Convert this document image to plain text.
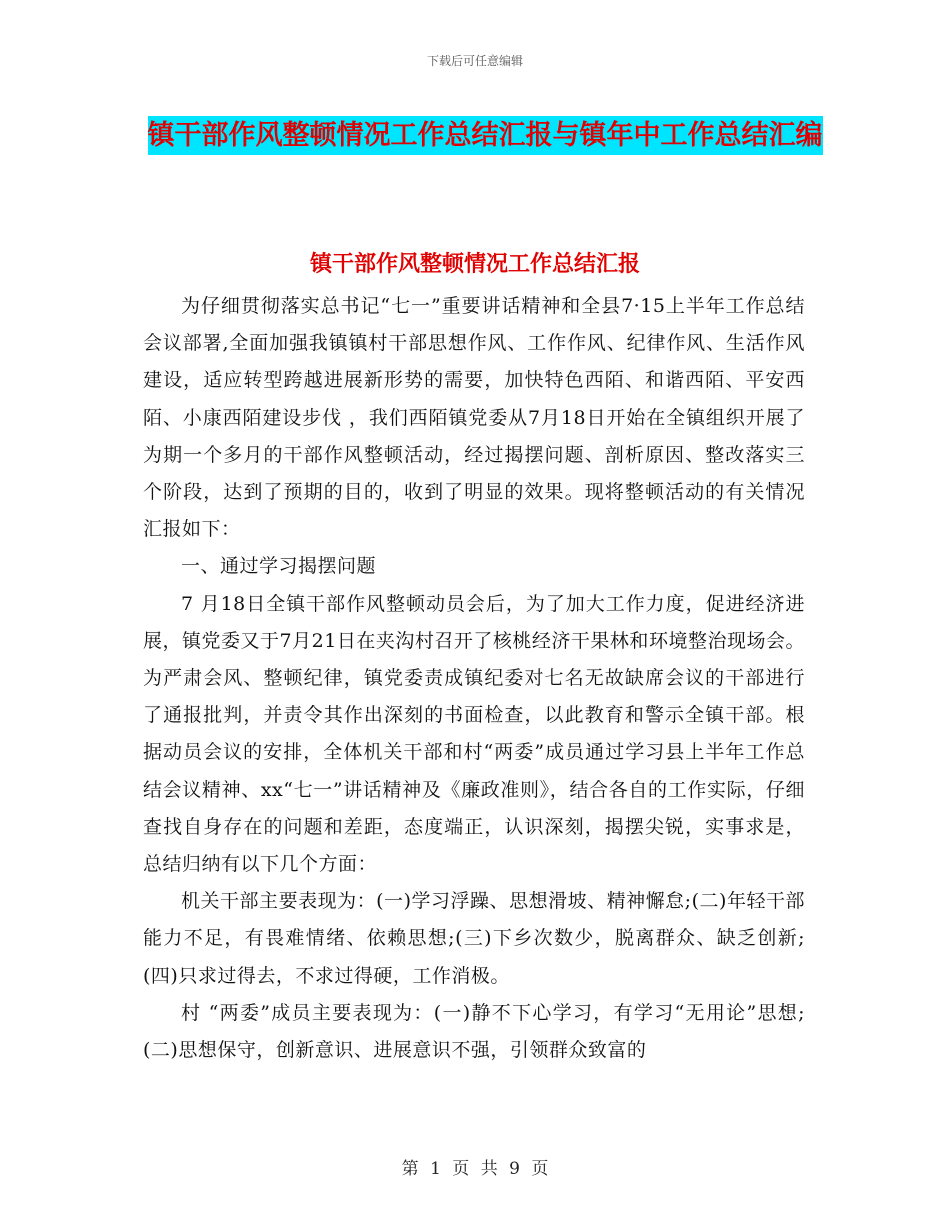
下载后可任意编辑
镇干部作风整顿情况工作总结汇报与镇年中工作总结汇编
镇干部作风整顿情况工作总结汇报

为仔细贯彻落实总书记“七一”重要讲话精神和全县7·15上半年工作总结会议部署,全面加强我镇镇村干部思想作风、工作作风、纪律作风、生活作风建设，适应转型跨越进展新形势的需要，加快特色西陌、和谐西陌、平安西陌、小康西陌建设步伐 ，我们西陌镇党委从7月18日开始在全镇组织开展了为期一个多月的干部作风整顿活动，经过揭摆问题、剖析原因、整改落实三个阶段，达到了预期的目的，收到了明显的效果。现将整顿活动的有关情况汇报如下：

一、通过学习揭摆问题

7 月18日全镇干部作风整顿动员会后，为了加大工作力度，促进经济进展，镇党委又于7月21日在夹沟村召开了核桃经济干果林和环境整治现场会。为严肃会风、整顿纪律，镇党委责成镇纪委对七名无故缺席会议的干部进行了通报批判，并责令其作出深刻的书面检查，以此教育和警示全镇干部。根据动员会议的安排，全体机关干部和村“两委”成员通过学习县上半年工作总结会议精神、xx“七一”讲话精神及《廉政准则》，结合各自的工作实际，仔细查找自身存在的问题和差距，态度端正，认识深刻，揭摆尖锐，实事求是，总结归纳有以下几个方面：

机关干部主要表现为：(一)学习浮躁、思想滑坡、精神懈怠;(二)年轻干部能力不足，有畏难情绪、依赖思想;(三)下乡次数少，脱离群众、缺乏创新;(四)只求过得去，不求过得硬，工作消极。

村 “两委”成员主要表现为：(一)静不下心学习，有学习“无用论”思想;(二)思想保守，创新意识、进展意识不强，引领群众致富的

第 1 页 共 9 页
